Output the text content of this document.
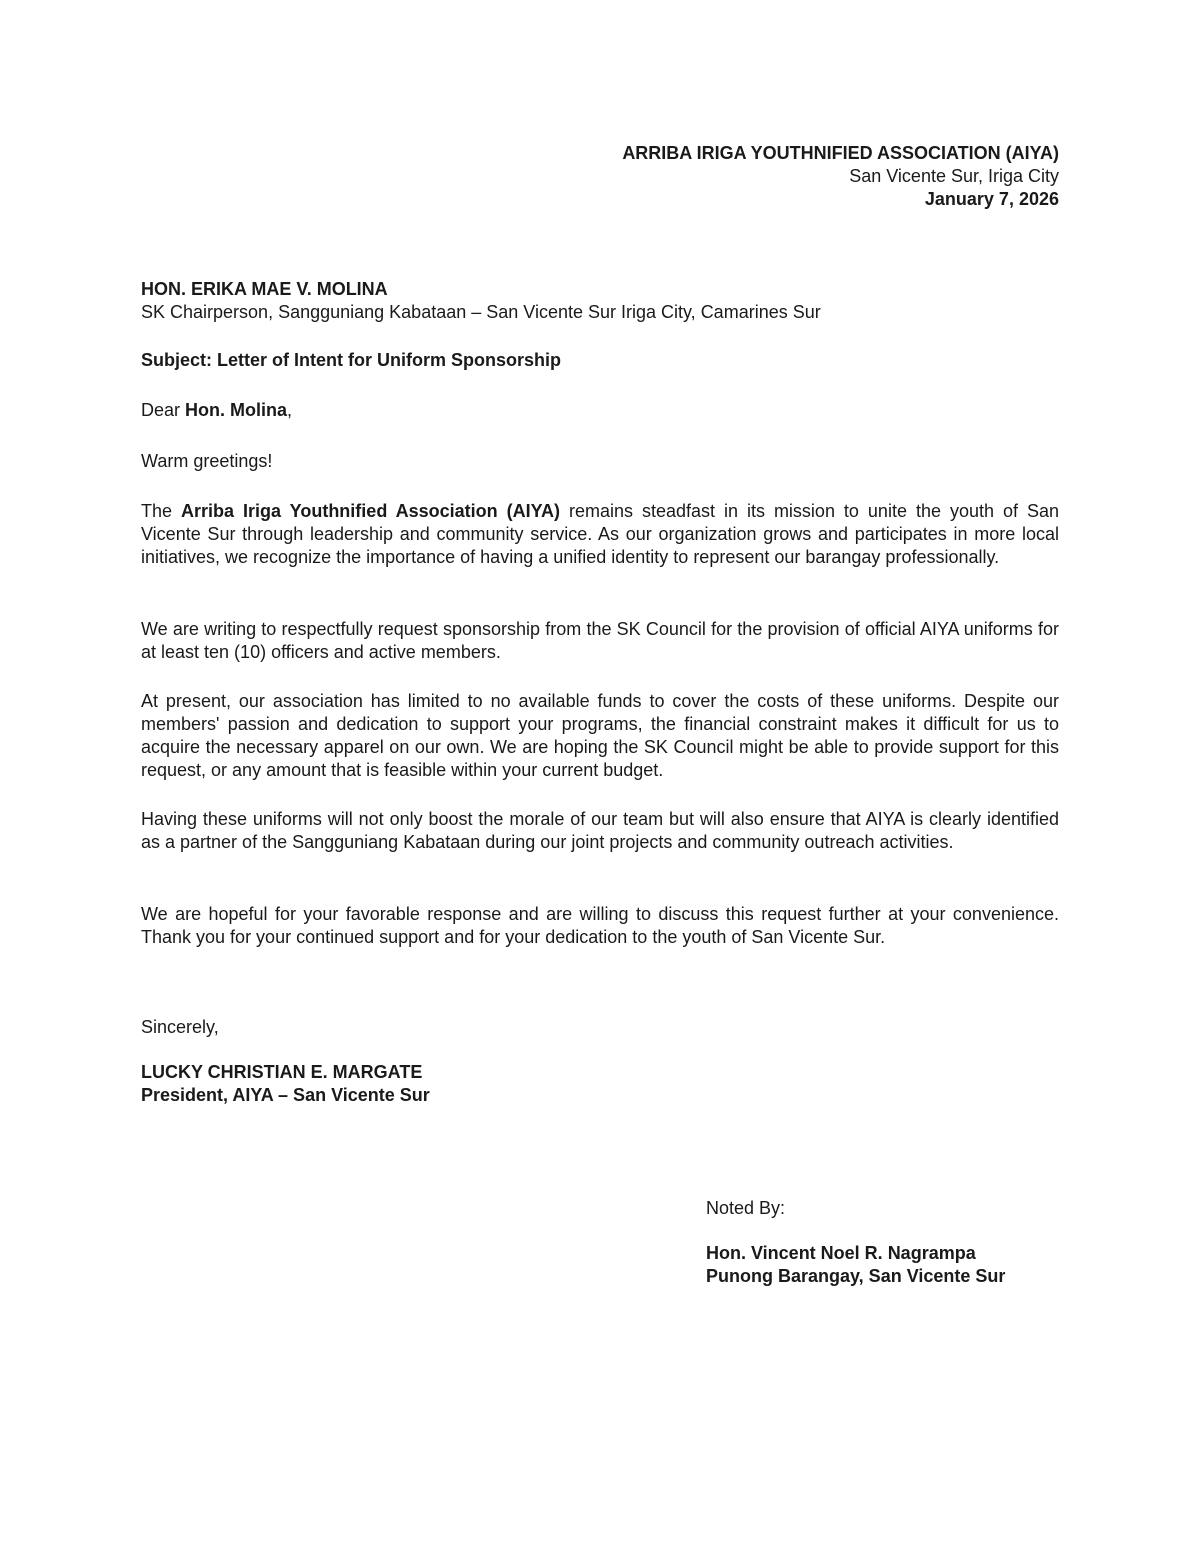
ARRIBA IRIGA YOUTHNIFIED ASSOCIATION (AIYA)
San Vicente Sur, Iriga City
January 7, 2026
HON. ERIKA MAE V. MOLINA
SK Chairperson, Sangguniang Kabataan – San Vicente Sur Iriga City, Camarines Sur
Subject: Letter of Intent for Uniform Sponsorship
Dear Hon. Molina,
Warm greetings!

The Arriba Iriga Youthnified Association (AIYA) remains steadfast in its mission to unite the youth of San Vicente Sur through leadership and community service. As our organization grows and participates in more local initiatives, we recognize the importance of having a unified identity to represent our barangay professionally.

We are writing to respectfully request sponsorship from the SK Council for the provision of official AIYA uniforms for at least ten (10) officers and active members.

At present, our association has limited to no available funds to cover the costs of these uniforms. Despite our members' passion and dedication to support your programs, the financial constraint makes it difficult for us to acquire the necessary apparel on our own. We are hoping the SK Council might be able to provide support for this request, or any amount that is feasible within your current budget.

Having these uniforms will not only boost the morale of our team but will also ensure that AIYA is clearly identified as a partner of the Sangguniang Kabataan during our joint projects and community outreach activities.

We are hopeful for your favorable response and are willing to discuss this request further at your convenience. Thank you for your continued support and for your dedication to the youth of San Vicente Sur.

Sincerely,
LUCKY CHRISTIAN E. MARGATE
President, AIYA – San Vicente Sur
Noted By:
Hon. Vincent Noel R. Nagrampa
Punong Barangay, San Vicente Sur
